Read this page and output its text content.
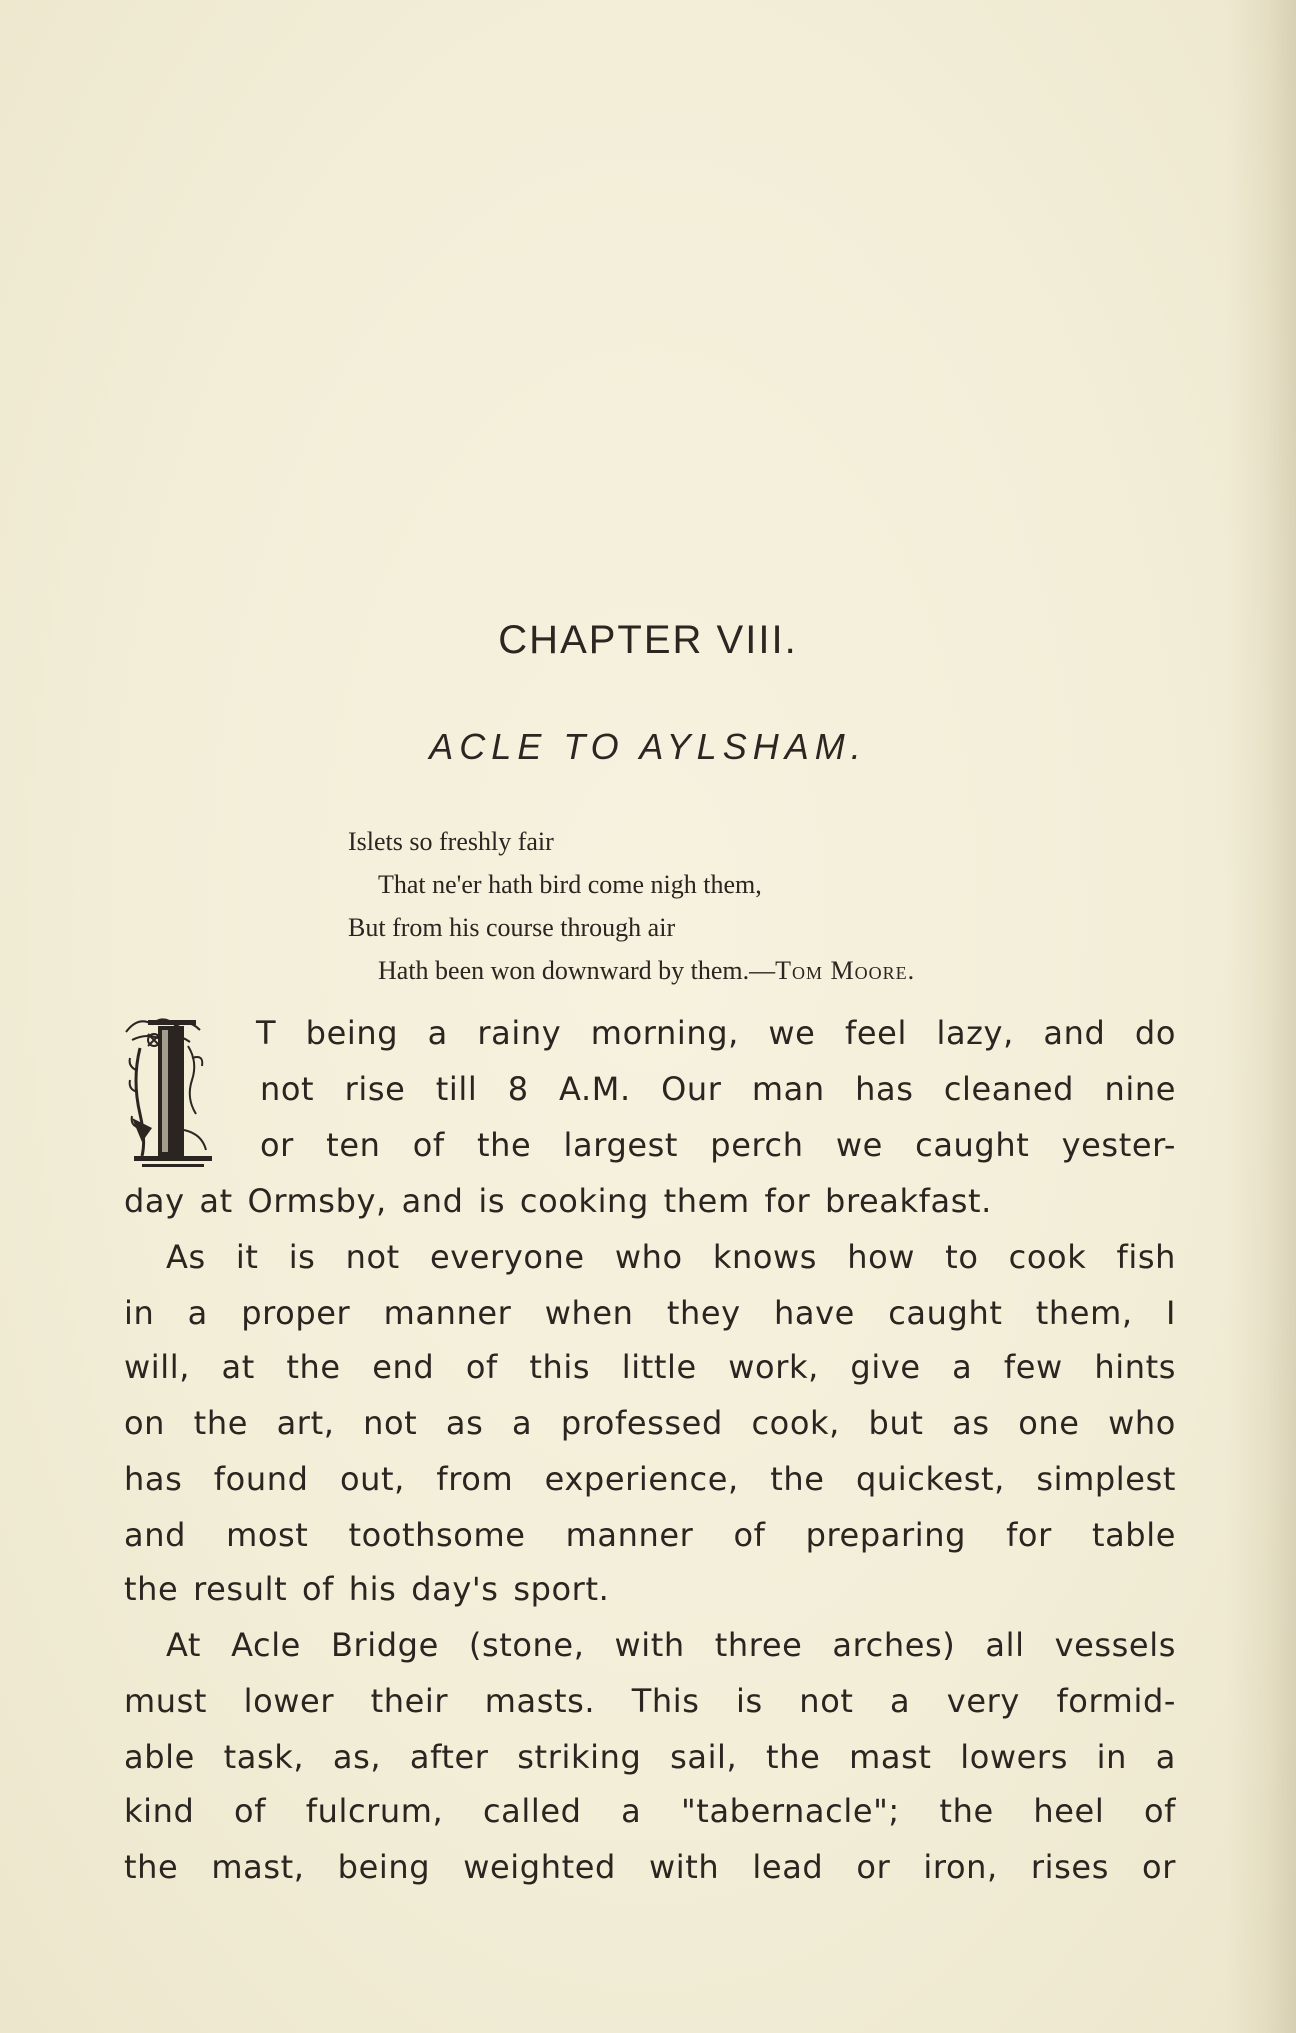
CHAPTER VIII.
ACLE TO AYLSHAM.
Islets so freshly fair
That ne'er hath bird come nigh them,
But from his course through air
Hath been won downward by them.—Tom Moore.
T being a rainy morning, we feel lazy, and do
not rise till 8 A.M. Our man has cleaned nine
or ten of the largest perch we caught yester-
day at Ormsby, and is cooking them for breakfast.
As it is not everyone who knows how to cook fish
in a proper manner when they have caught them, I
will, at the end of this little work, give a few hints
on the art, not as a professed cook, but as one who
has found out, from experience, the quickest, simplest
and most toothsome manner of preparing for table
the result of his day's sport.
At Acle Bridge (stone, with three arches) all vessels
must lower their masts. This is not a very formid-
able task, as, after striking sail, the mast lowers in a
kind of fulcrum, called a "tabernacle"; the heel of
the mast, being weighted with lead or iron, rises or
